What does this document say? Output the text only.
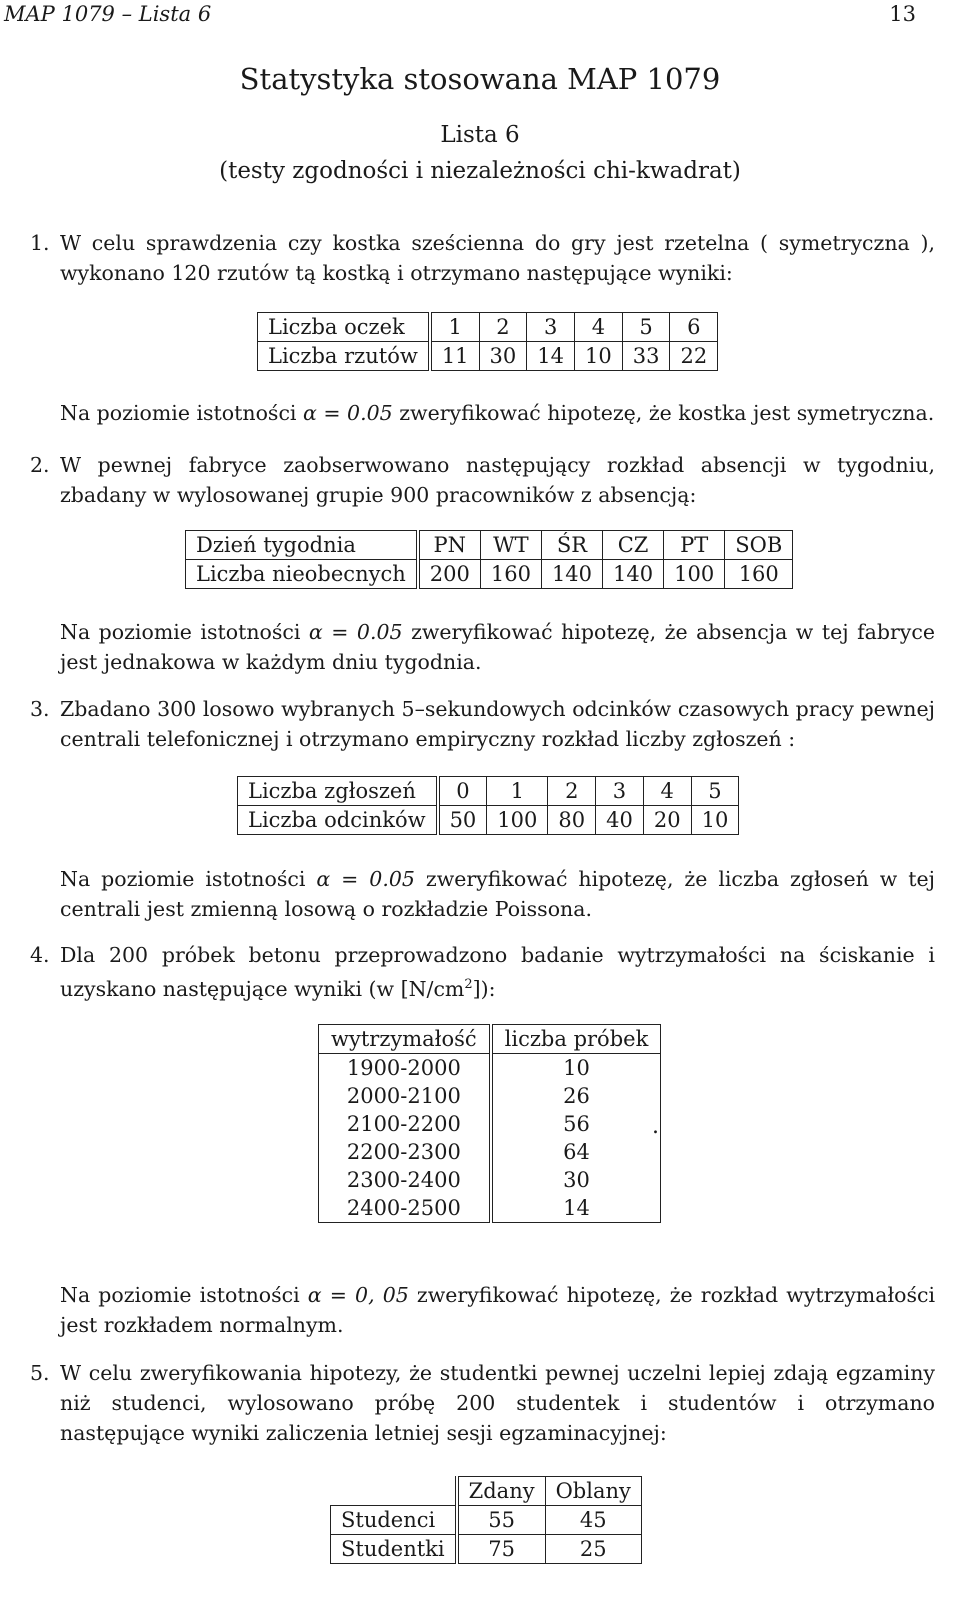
MAP 1079 – Lista 6	13
Statystyka stosowana MAP 1079
Lista 6
(testy zgodności i niezależności chi-kwadrat)
1. W celu sprawdzenia czy kostka sześcienna do gry jest rzetelna ( symetryczna ), wykonano 120 rzutów tą kostką i otrzymano następujące wyniki:
Liczba oczek	1	2	3	4	5	6
Liczba rzutów	11	30	14	10	33	22
Na poziomie istotności α = 0.05 zweryfikować hipotezę, że kostka jest symetryczna.
2. W pewnej fabryce zaobserwowano następujący rozkład absencji w tygodniu, zbadany w wylosowanej grupie 900 pracowników z absencją:
Dzień tygodnia	PN	WT	ŚR	CZ	PT	SOB
Liczba nieobecnych	200	160	140	140	100	160
Na poziomie istotności α = 0.05 zweryfikować hipotezę, że absencja w tej fabryce jest jednakowa w każdym dniu tygodnia.
3. Zbadano 300 losowo wybranych 5–sekundowych odcinków czasowych pracy pewnej centrali telefonicznej i otrzymano empiryczny rozkład liczby zgłoszeń :
Liczba zgłoszeń	0	1	2	3	4	5
Liczba odcinków	50	100	80	40	20	10
Na poziomie istotności α = 0.05 zweryfikować hipotezę, że liczba zgłoseń w tej centrali jest zmienną losową o rozkładzie Poissona.
4. Dla 200 próbek betonu przeprowadzono badanie wytrzymałości na ściskanie i uzyskano następujące wyniki (w $[N/cm^2]$):
wytrzymałość	liczba próbek
1900-2000	10
2000-2100	26
2100-2200	56
2200-2300	64
2300-2400	30
2400-2500	14
.
Na poziomie istotności α = 0, 05 zweryfikować hipotezę, że rozkład wytrzymałości jest rozkładem normalnym.
5. W celu zweryfikowania hipotezy, że studentki pewnej uczelni lepiej zdają egzaminy niż studenci, wylosowano próbę 200 studentek i studentów i otrzymano następujące wyniki zaliczenia letniej sesji egzaminacyjnej:
	Zdany	Oblany
Studenci	55	45
Studentki	75	25
